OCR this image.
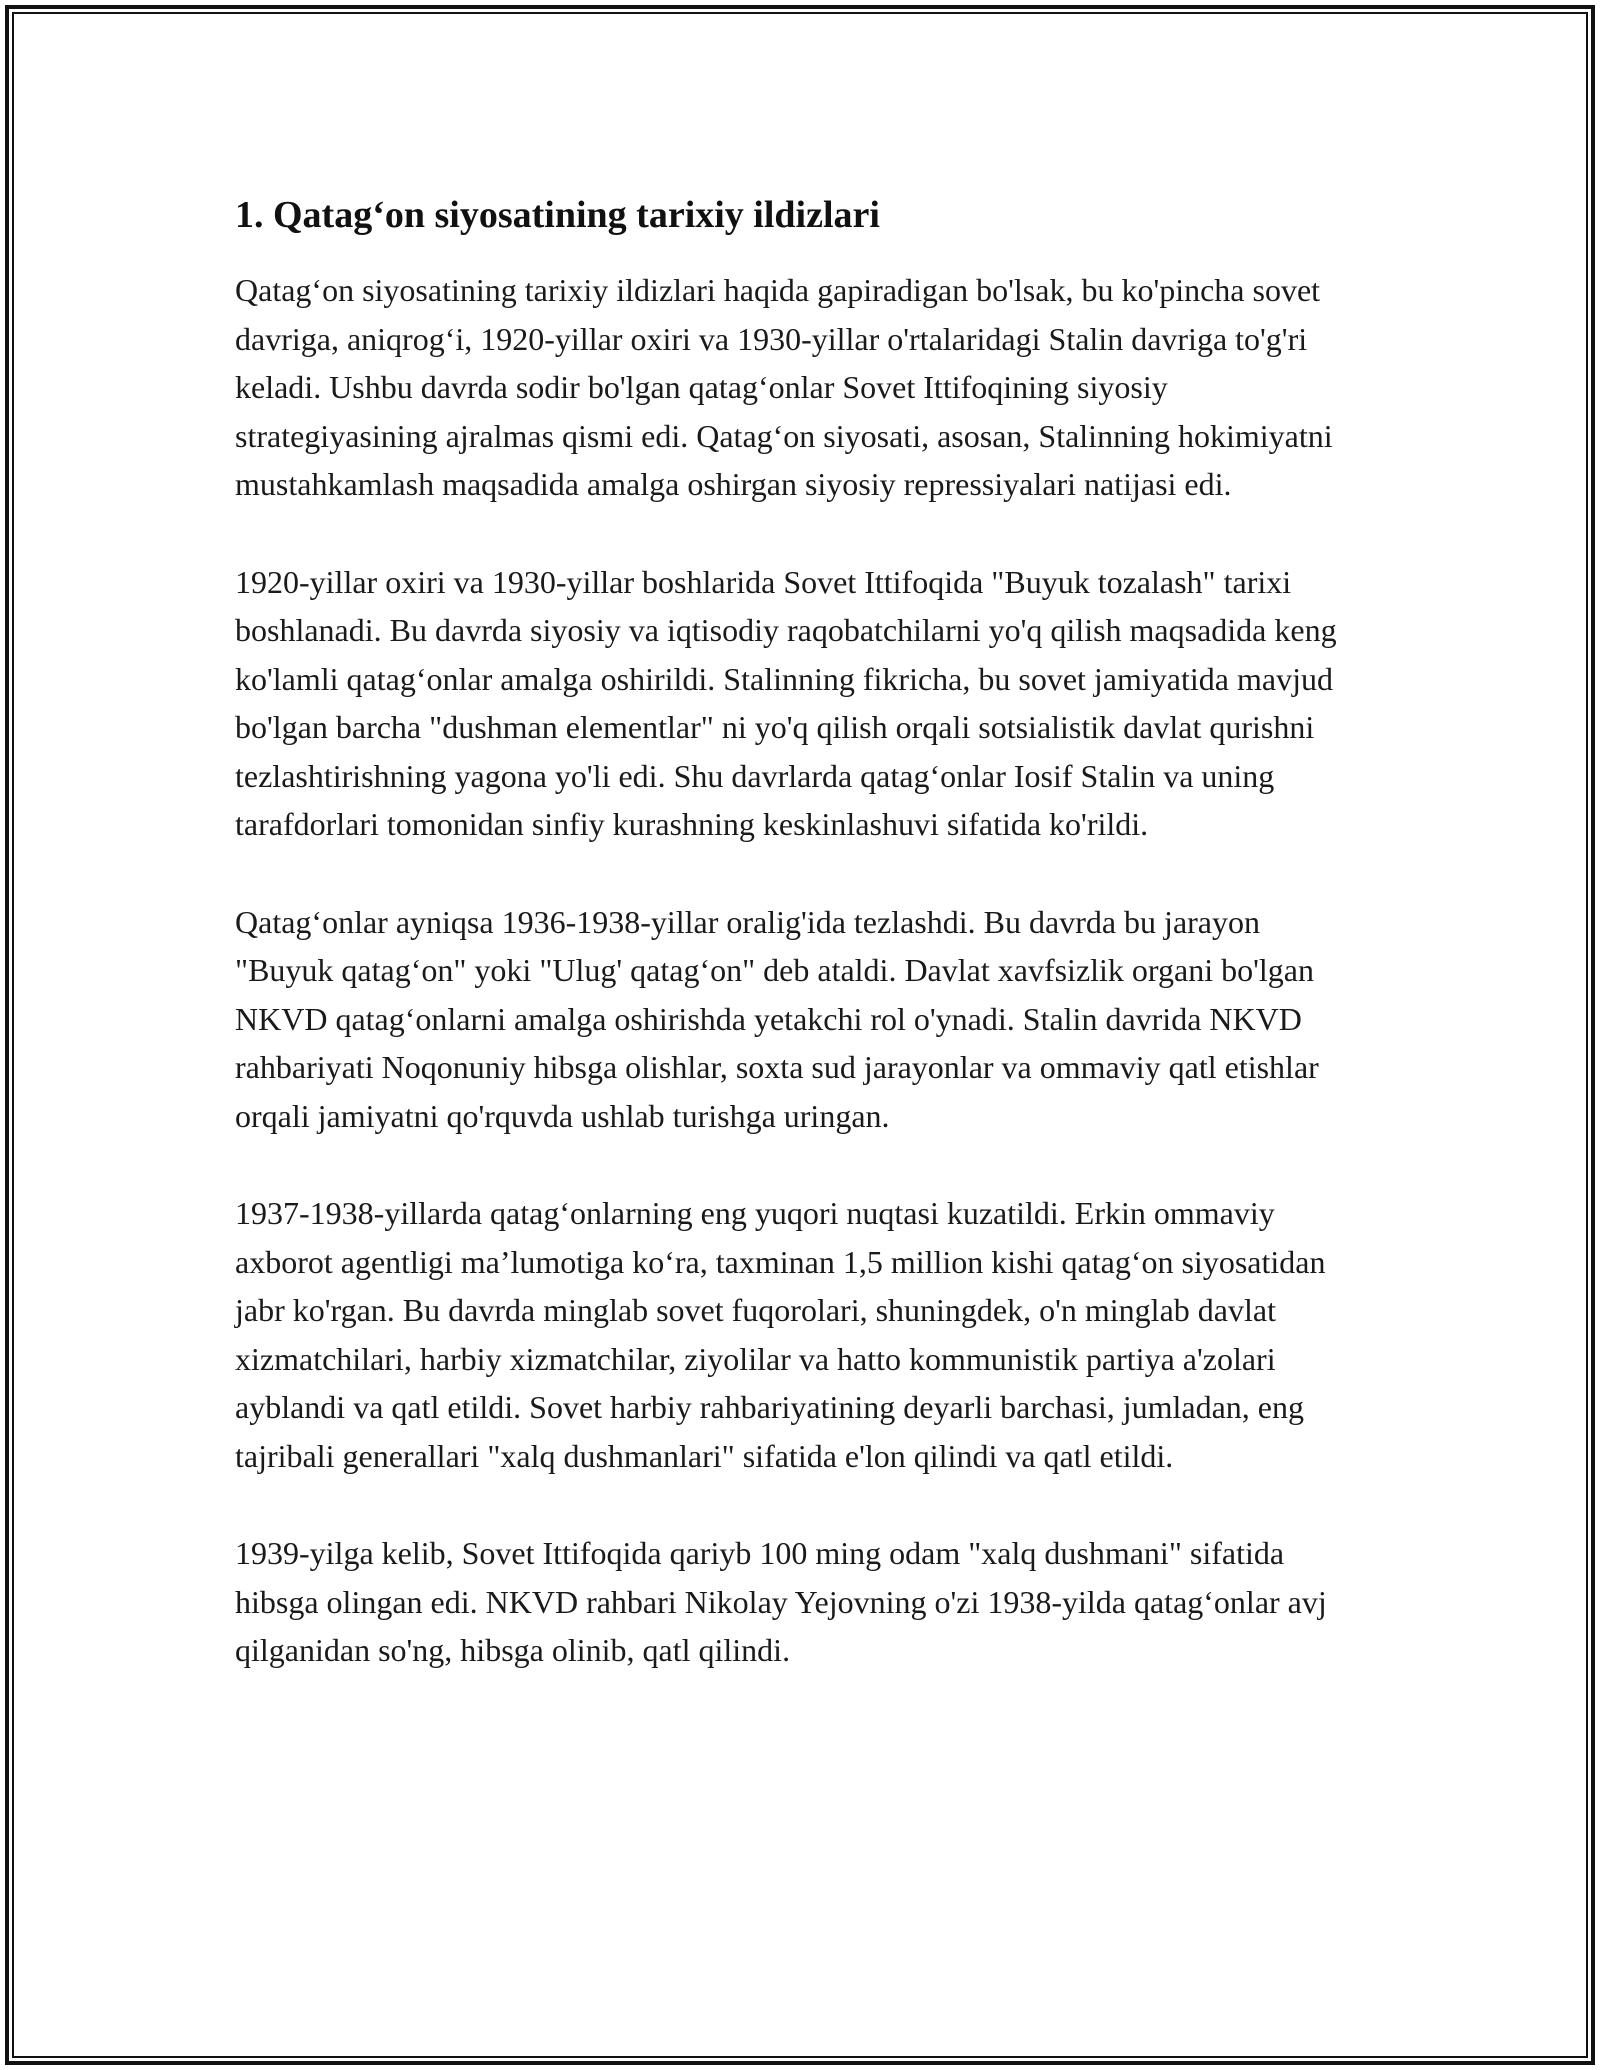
1. Qatag‘on siyosatining tarixiy ildizlari

Qatag‘on siyosatining tarixiy ildizlari haqida gapiradigan bo'lsak, bu ko'pincha sovet davriga, aniqrog‘i, 1920-yillar oxiri va 1930-yillar o'rtalaridagi Stalin davriga to'g'ri keladi. Ushbu davrda sodir bo'lgan qatag‘onlar Sovet Ittifoqining siyosiy strategiyasining ajralmas qismi edi. Qatag‘on siyosati, asosan, Stalinning hokimiyatni mustahkamlash maqsadida amalga oshirgan siyosiy repressiyalari natijasi edi.

1920-yillar oxiri va 1930-yillar boshlarida Sovet Ittifoqida "Buyuk tozalash" tarixi boshlanadi. Bu davrda siyosiy va iqtisodiy raqobatchilarni yo'q qilish maqsadida keng ko'lamli qatag‘onlar amalga oshirildi. Stalinning fikricha, bu sovet jamiyatida mavjud bo'lgan barcha "dushman elementlar" ni yo'q qilish orqali sotsialistik davlat qurishni tezlashtirishning yagona yo'li edi. Shu davrlarda qatag‘onlar Iosif Stalin va uning tarafdorlari tomonidan sinfiy kurashning keskinlashuvi sifatida ko'rildi.

Qatag‘onlar ayniqsa 1936-1938-yillar oralig'ida tezlashdi. Bu davrda bu jarayon "Buyuk qatag‘on" yoki "Ulug' qatag‘on" deb ataldi. Davlat xavfsizlik organi bo'lgan NKVD qatag‘onlarni amalga oshirishda yetakchi rol o'ynadi. Stalin davrida NKVD rahbariyati Noqonuniy hibsga olishlar, soxta sud jarayonlar va ommaviy qatl etishlar orqali jamiyatni qo'rquvda ushlab turishga uringan.

1937-1938-yillarda qatag‘onlarning eng yuqori nuqtasi kuzatildi. Erkin ommaviy axborot agentligi ma’lumotiga ko‘ra, taxminan 1,5 million kishi qatag‘on siyosatidan jabr ko'rgan. Bu davrda minglab sovet fuqorolari, shuningdek, o'n minglab davlat xizmatchilari, harbiy xizmatchilar, ziyolilar va hatto kommunistik partiya a'zolari ayblandi va qatl etildi. Sovet harbiy rahbariyatining deyarli barchasi, jumladan, eng tajribali generallari "xalq dushmanlari" sifatida e'lon qilindi va qatl etildi.

1939-yilga kelib, Sovet Ittifoqida qariyb 100 ming odam "xalq dushmani" sifatida hibsga olingan edi. NKVD rahbari Nikolay Yejovning o'zi 1938-yilda qatag‘onlar avj qilganidan so'ng, hibsga olinib, qatl qilindi.
